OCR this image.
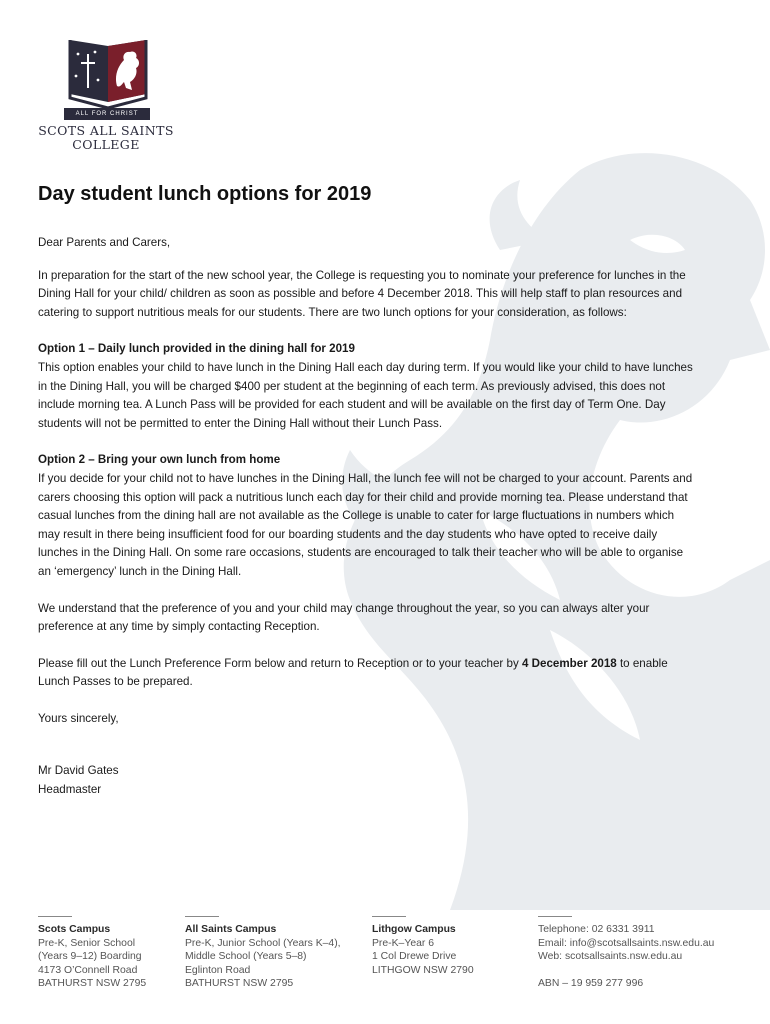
ALL FOR CHRIST
SCOTS ALL SAINTS
COLLEGE
Day student lunch options for 2019

Dear Parents and Carers,

In preparation for the start of the new school year, the College is requesting you to nominate your preference for lunches in the Dining Hall for your child/ children as soon as possible and before 4 December 2018. This will help staff to plan resources and catering to support nutritious meals for our students. There are two lunch options for your consideration, as follows:

Option 1 – Daily lunch provided in the dining hall for 2019
This option enables your child to have lunch in the Dining Hall each day during term. If you would like your child to have lunches in the Dining Hall, you will be charged $400 per student at the beginning of each term. As previously advised, this does not include morning tea. A Lunch Pass will be provided for each student and will be available on the first day of Term One. Day students will not be permitted to enter the Dining Hall without their Lunch Pass.

Option 2 – Bring your own lunch from home
If you decide for your child not to have lunches in the Dining Hall, the lunch fee will not be charged to your account. Parents and carers choosing this option will pack a nutritious lunch each day for their child and provide morning tea. Please understand that casual lunches from the dining hall are not available as the College is unable to cater for large fluctuations in numbers which may result in there being insufficient food for our boarding students and the day students who have opted to receive daily lunches in the Dining Hall. On some rare occasions, students are encouraged to talk their teacher who will be able to organise an ‘emergency’ lunch in the Dining Hall.

We understand that the preference of you and your child may change throughout the year, so you can always alter your preference at any time by simply contacting Reception.

Please fill out the Lunch Preference Form below and return to Reception or to your teacher by 4 December 2018 to enable Lunch Passes to be prepared.

Yours sincerely,

Mr David Gates

Headmaster

Scots Campus
Pre-K, Senior School
(Years 9–12) Boarding
4173 O’Connell Road
BATHURST NSW 2795
All Saints Campus
Pre-K, Junior School (Years K–4),
Middle School (Years 5–8)
Eglinton Road
BATHURST NSW 2795
Lithgow Campus
Pre-K–Year 6
1 Col Drewe Drive
LITHGOW NSW 2790
Telephone: 02 6331 3911
Email: info@scotsallsaints.nsw.edu.au
Web: scotsallsaints.nsw.edu.au
ABN – 19 959 277 996
